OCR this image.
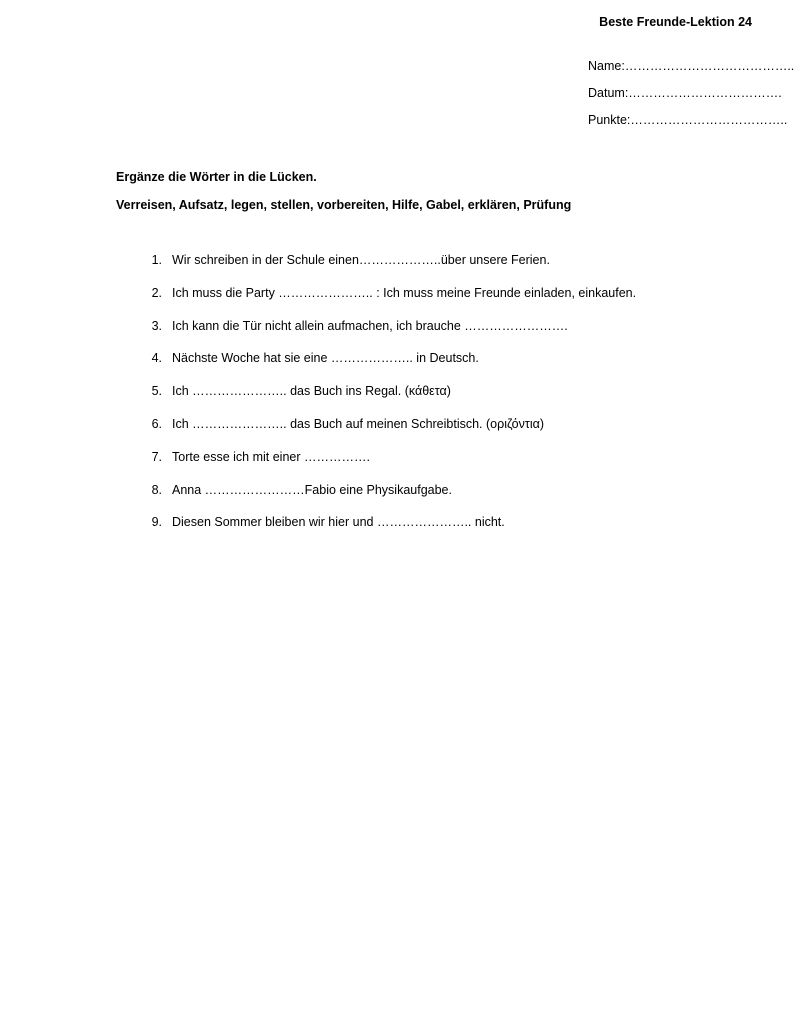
Beste Freunde-Lektion 24
Name:…………………………………..
Datum:……………………………….
Punkte:………………………………..
Ergänze die Wörter in die Lücken.
Verreisen, Aufsatz, legen, stellen, vorbereiten, Hilfe, Gabel, erklären, Prüfung
1. Wir schreiben in der Schule einen………………..über unsere Ferien.
2. Ich muss die Party ………………….. : Ich muss meine Freunde einladen, einkaufen.
3. Ich kann die Tür nicht allein aufmachen, ich brauche …………………….
4. Nächste Woche hat sie eine ……………….. in Deutsch.
5. Ich ………………….. das Buch ins Regal. (κάθετα)
6. Ich ………………….. das Buch auf meinen Schreibtisch. (οριζόντια)
7. Torte esse ich mit einer …………….
8. Anna ……………………Fabio eine Physikaufgabe.
9. Diesen Sommer bleiben wir hier und ………………….. nicht.
